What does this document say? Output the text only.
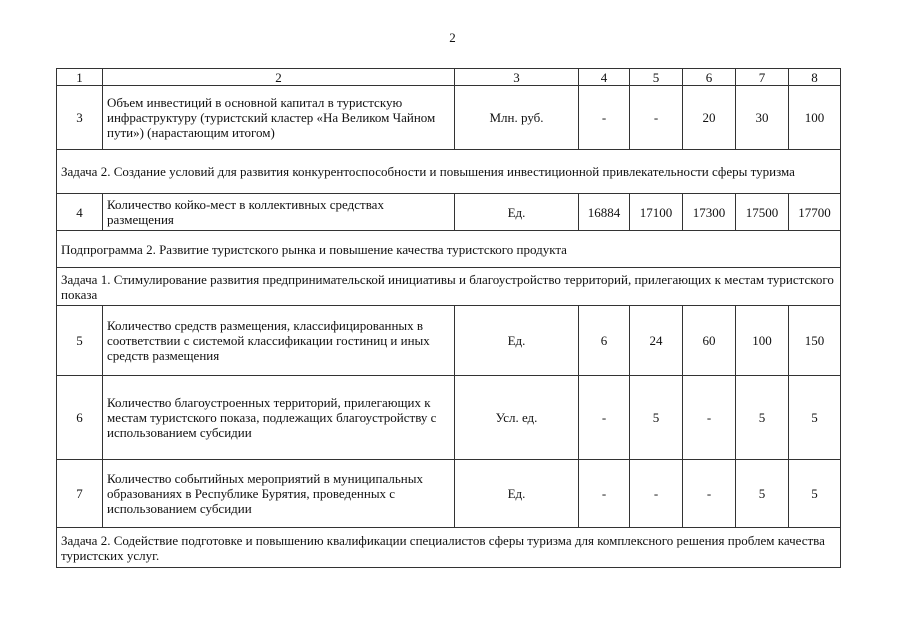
2
1	2	3	4	5	6	7	8
3	Объем инвестиций в основной капитал в туристскую инфраструктуру (туристский кластер «На Великом Чайном пути») (нарастающим итогом)	Млн. руб.	-	-	20	30	100
Задача 2. Создание условий для развития конкурентоспособности и повышения инвестиционной привлекательности сферы туризма							
4	Количество койко-мест в коллективных средствах размещения	Ед.	16884	17100	17300	17500	17700
Подпрограмма 2. Развитие туристского рынка и повышение качества туристского продукта							
Задача 1. Стимулирование развития предпринимательской инициативы и благоустройство территорий, прилегающих к местам туристского показа							
5	Количество средств размещения, классифицированных в соответствии с системой классификации гостиниц и иных средств размещения	Ед.	6	24	60	100	150
6	Количество благоустроенных территорий, прилегающих к местам туристского показа, подлежащих благоустройству с использованием субсидии	Усл. ед.	-	5	-	5	5
7	Количество событийных мероприятий в муниципальных образованиях в Республике Бурятия, проведенных с использованием субсидии	Ед.	-	-	-	5	5
Задача 2. Содействие подготовке и повышению квалификации специалистов сферы туризма для комплексного решения проблем качества туристских услуг.							
